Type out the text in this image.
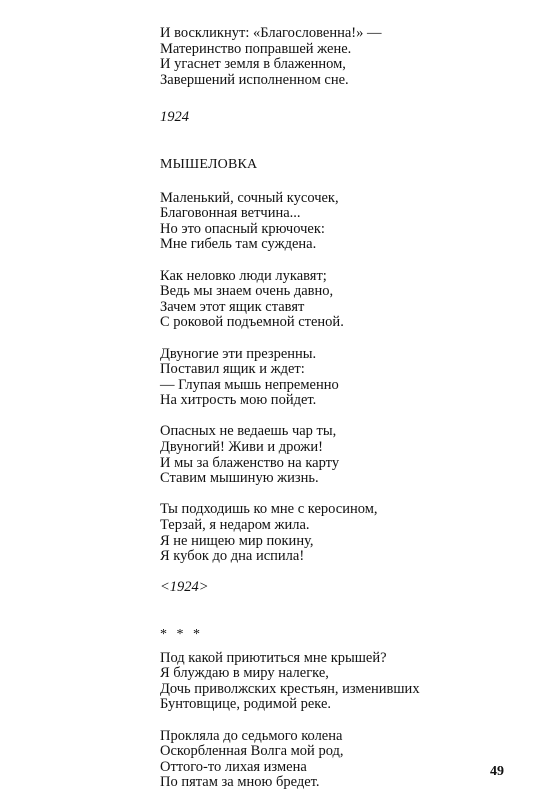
И воскликнут: «Благословенна!» —
Материнство поправшей жене.
И угаснет земля в блаженном,
Завершений исполненном сне.
1924
МЫШЕЛОВКА
Маленький, сочный кусочек,
Благовонная ветчина...
Но это опасный крючочек:
Мне гибель там суждена.
Как неловко люди лукавят;
Ведь мы знаем очень давно,
Зачем этот ящик ставят
С роковой подъемной стеной.
Двуногие эти презренны.
Поставил ящик и ждет:
— Глупая мышь непременно
На хитрость мою пойдет.
Опасных не ведаешь чар ты,
Двуногий! Живи и дрожи!
И мы за блаженство на карту
Ставим мышиную жизнь.
Ты подходишь ко мне с керосином,
Терзай, я недаром жила.
Я не нищею мир покину,
Я кубок до дна испила!
<1924>
* * *
Под какой приютиться мне крышей?
Я блуждаю в миру налегке,
Дочь приволжских крестьян, изменивших
Бунтовщице, родимой реке.
Прокляла до седьмого колена
Оскорбленная Волга мой род,
Оттого-то лихая измена
По пятам за мною бредет.
49
